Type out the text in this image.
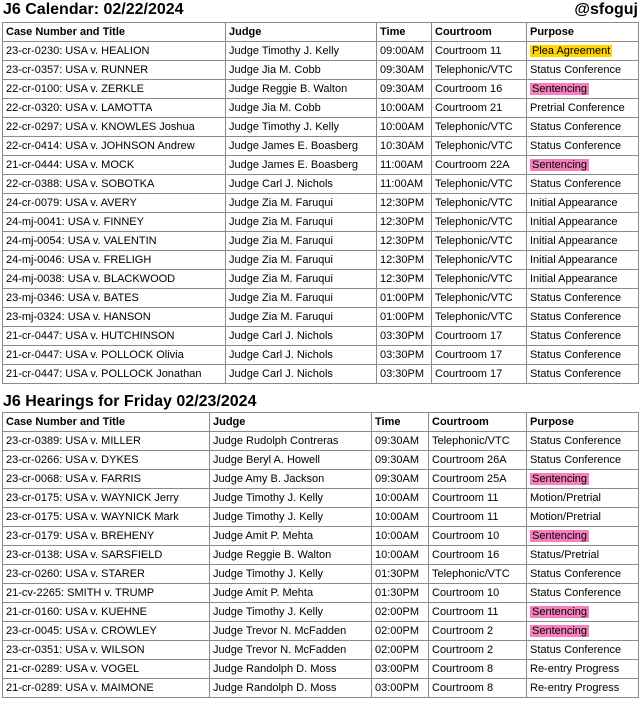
J6 Calendar: 02/22/2024	@sfoguj
Case Number and Title	Judge	Time	Courtroom	Purpose
23-cr-0230: USA v. HEALION	Judge Timothy J. Kelly	09:00AM	Courtroom 11	Plea Agreement
23-cr-0357: USA v. RUNNER	Judge Jia M. Cobb	09:30AM	Telephonic/VTC	Status Conference
22-cr-0100: USA v. ZERKLE	Judge Reggie B. Walton	09:30AM	Courtroom 16	Sentencing
22-cr-0320: USA v. LAMOTTA	Judge Jia M. Cobb	10:00AM	Courtroom 21	Pretrial Conference
22-cr-0297: USA v. KNOWLES Joshua	Judge Timothy J. Kelly	10:00AM	Telephonic/VTC	Status Conference
22-cr-0414: USA v. JOHNSON Andrew	Judge James E. Boasberg	10:30AM	Telephonic/VTC	Status Conference
21-cr-0444: USA v. MOCK	Judge James E. Boasberg	11:00AM	Courtroom 22A	Sentencing
22-cr-0388: USA v. SOBOTKA	Judge Carl J. Nichols	11:00AM	Telephonic/VTC	Status Conference
24-cr-0079: USA v. AVERY	Judge Zia M. Faruqui	12:30PM	Telephonic/VTC	Initial Appearance
24-mj-0041: USA v. FINNEY	Judge Zia M. Faruqui	12:30PM	Telephonic/VTC	Initial Appearance
24-mj-0054: USA v. VALENTIN	Judge Zia M. Faruqui	12:30PM	Telephonic/VTC	Initial Appearance
24-mj-0046: USA v. FRELIGH	Judge Zia M. Faruqui	12:30PM	Telephonic/VTC	Initial Appearance
24-mj-0038: USA v. BLACKWOOD	Judge Zia M. Faruqui	12:30PM	Telephonic/VTC	Initial Appearance
23-mj-0346: USA v. BATES	Judge Zia M. Faruqui	01:00PM	Telephonic/VTC	Status Conference
23-mj-0324: USA v. HANSON	Judge Zia M. Faruqui	01:00PM	Telephonic/VTC	Status Conference
21-cr-0447: USA v. HUTCHINSON	Judge Carl J. Nichols	03:30PM	Courtroom 17	Status Conference
21-cr-0447: USA v. POLLOCK Olivia	Judge Carl J. Nichols	03:30PM	Courtroom 17	Status Conference
21-cr-0447: USA v. POLLOCK Jonathan	Judge Carl J. Nichols	03:30PM	Courtroom 17	Status Conference
J6 Hearings for Friday 02/23/2024
Case Number and Title	Judge	Time	Courtroom	Purpose
23-cr-0389: USA v. MILLER	Judge Rudolph Contreras	09:30AM	Telephonic/VTC	Status Conference
23-cr-0266: USA v. DYKES	Judge Beryl A. Howell	09:30AM	Courtroom 26A	Status Conference
23-cr-0068: USA v. FARRIS	Judge Amy B. Jackson	09:30AM	Courtroom 25A	Sentencing
23-cr-0175: USA v. WAYNICK Jerry	Judge Timothy J. Kelly	10:00AM	Courtroom 11	Motion/Pretrial
23-cr-0175: USA v. WAYNICK Mark	Judge Timothy J. Kelly	10:00AM	Courtroom 11	Motion/Pretrial
23-cr-0179: USA v. BREHENY	Judge Amit P. Mehta	10:00AM	Courtroom 10	Sentencing
23-cr-0138: USA v. SARSFIELD	Judge Reggie B. Walton	10:00AM	Courtroom 16	Status/Pretrial
23-cr-0260: USA v. STARER	Judge Timothy J. Kelly	01:30PM	Telephonic/VTC	Status Conference
21-cv-2265: SMITH v. TRUMP	Judge Amit P. Mehta	01:30PM	Courtroom 10	Status Conference
21-cr-0160: USA v. KUEHNE	Judge Timothy J. Kelly	02:00PM	Courtroom 11	Sentencing
23-cr-0045: USA v. CROWLEY	Judge Trevor N. McFadden	02:00PM	Courtroom 2	Sentencing
23-cr-0351: USA v. WILSON	Judge Trevor N. McFadden	02:00PM	Courtroom 2	Status Conference
21-cr-0289: USA v. VOGEL	Judge Randolph D. Moss	03:00PM	Courtroom 8	Re-entry Progress
21-cr-0289: USA v. MAIMONE	Judge Randolph D. Moss	03:00PM	Courtroom 8	Re-entry Progress
